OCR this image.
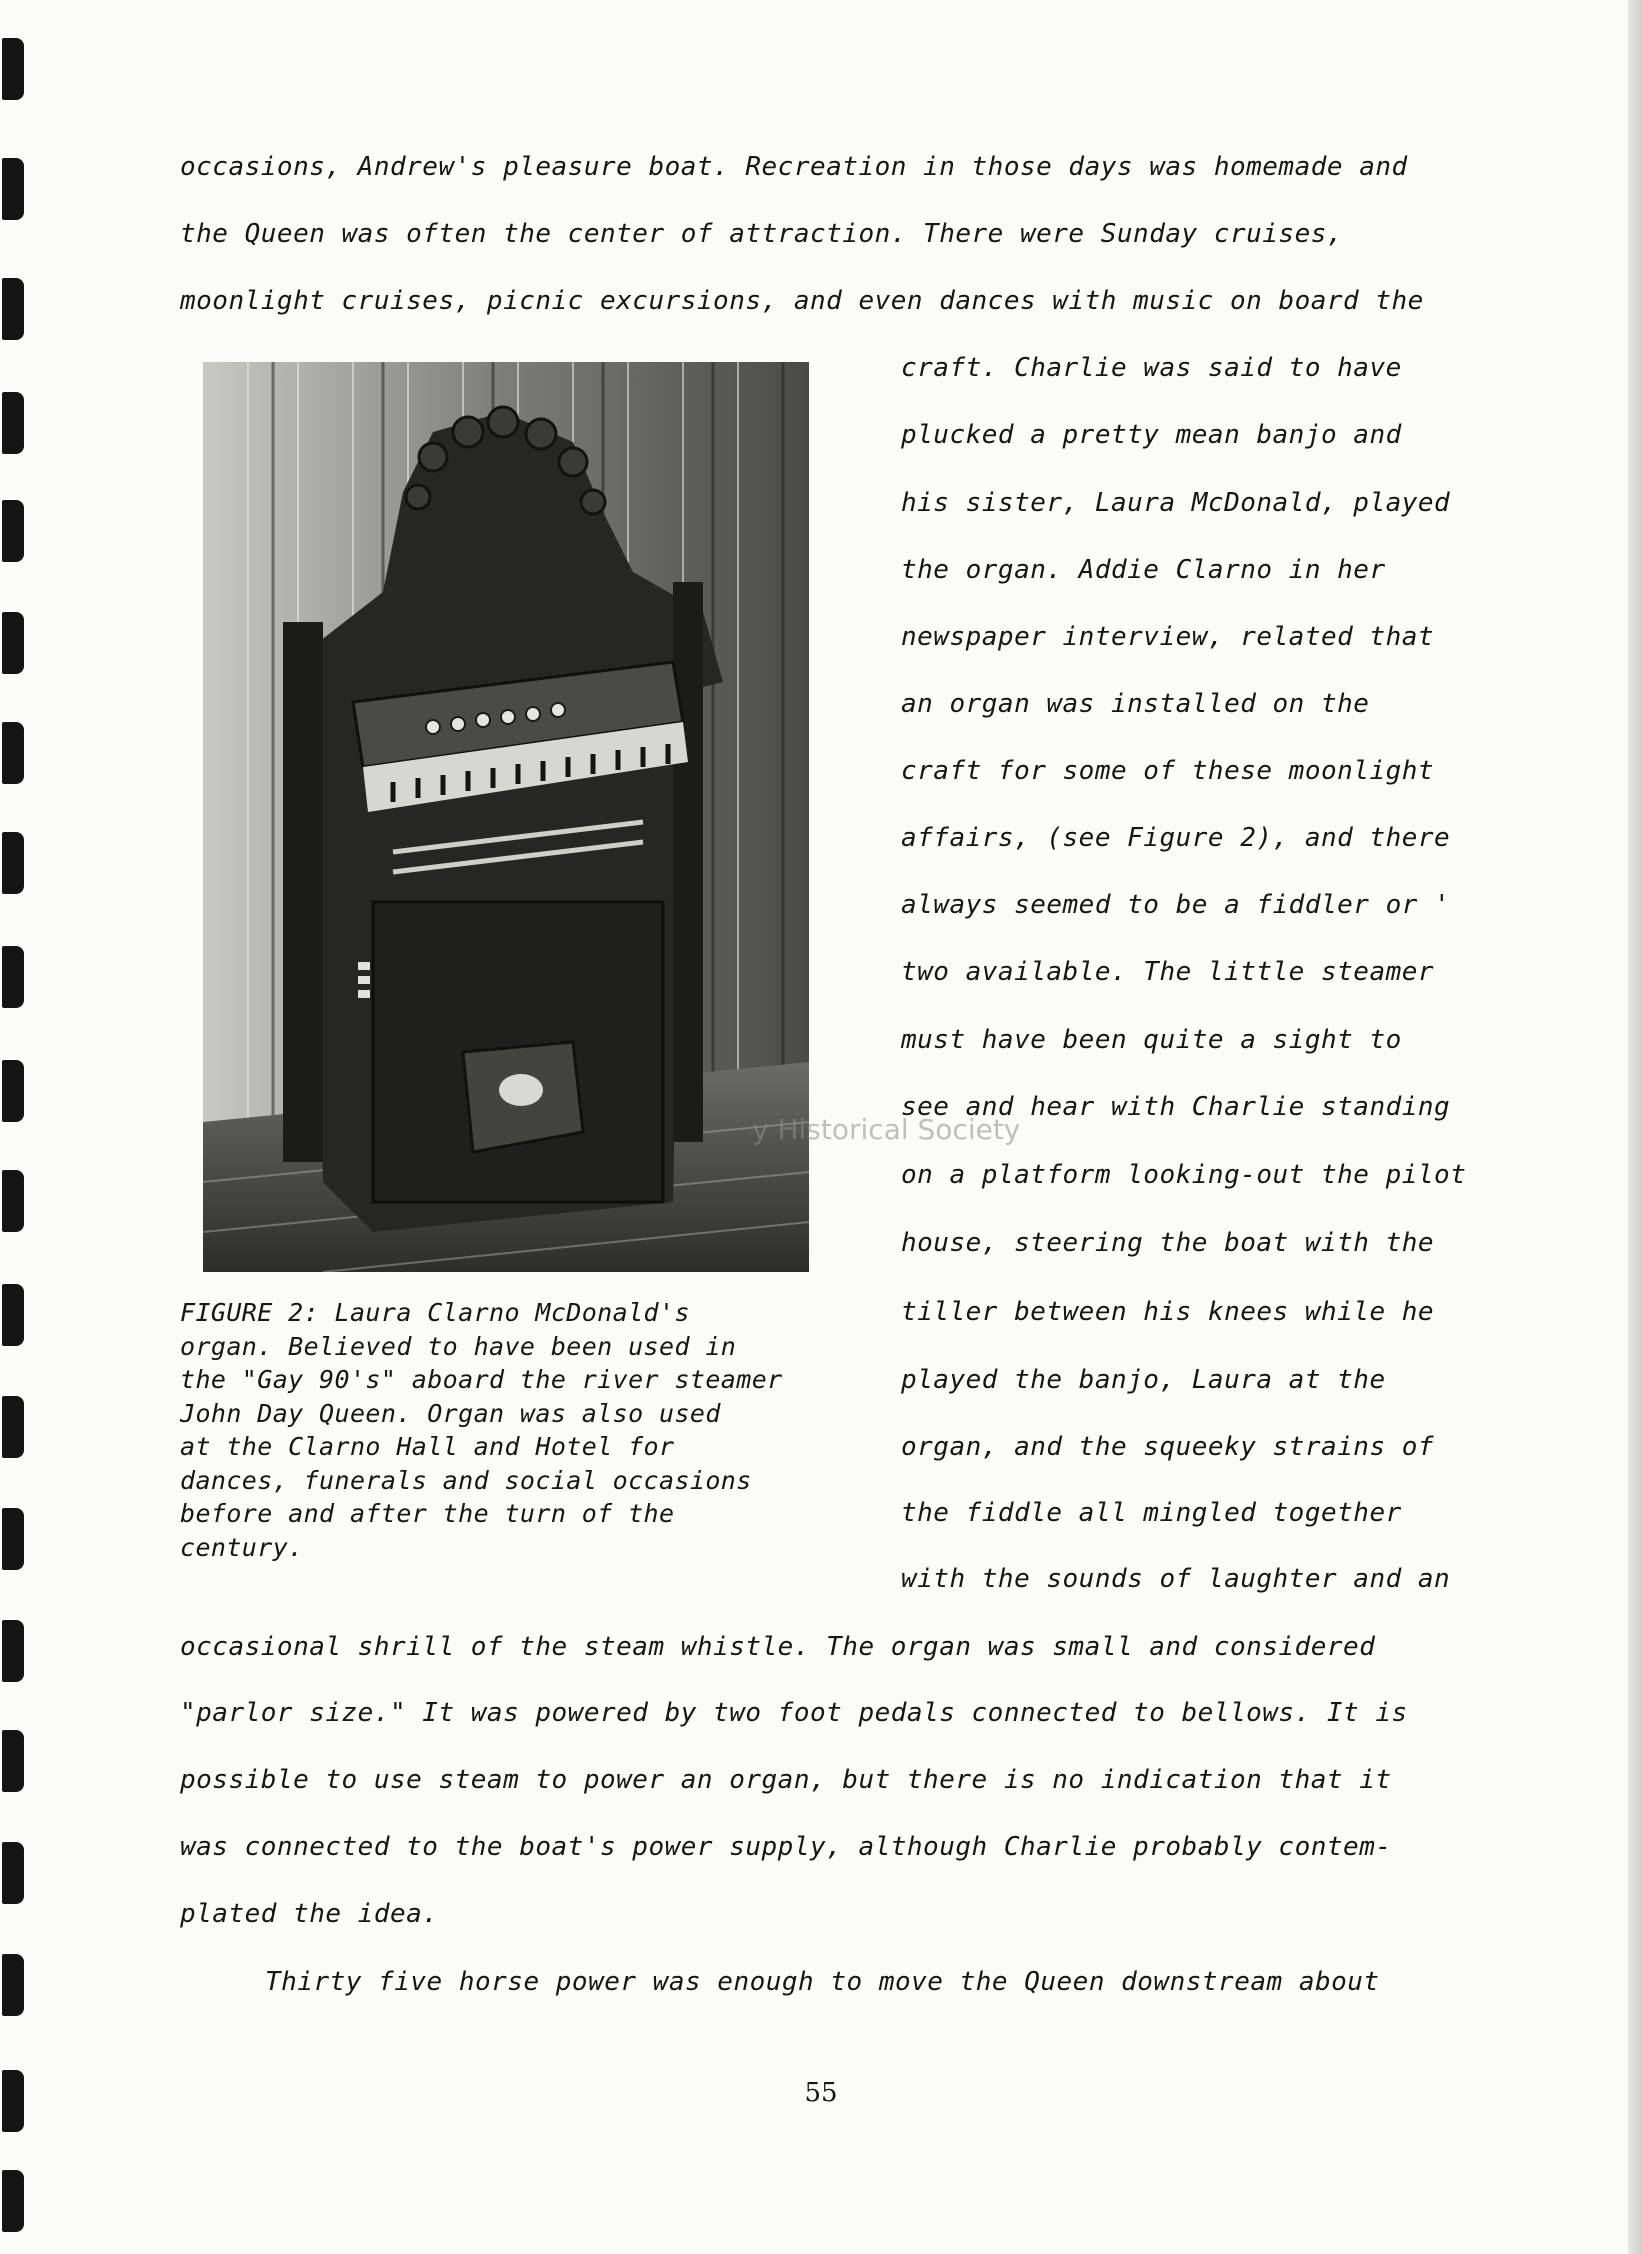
occasions, Andrew's pleasure boat. Recreation in those days was homemade and
the Queen was often the center of attraction. There were Sunday cruises,
moonlight cruises, picnic excursions, and even dances with music on board the
craft. Charlie was said to have
plucked a pretty mean banjo and
his sister, Laura McDonald, played
the organ. Addie Clarno in her
newspaper interview, related that
an organ was installed on the
craft for some of these moonlight
affairs, (see Figure 2), and there
always seemed to be a fiddler or '
two available. The little steamer
must have been quite a sight to
see and hear with Charlie standing
on a platform looking-out the pilot
house, steering the boat with the
tiller between his knees while he
played the banjo, Laura at the
organ, and the squeeky strains of
the fiddle all mingled together
with the sounds of laughter and an
occasional shrill of the steam whistle. The organ was small and considered
"parlor size." It was powered by two foot pedals connected to bellows. It is
possible to use steam to power an organ, but there is no indication that it
was connected to the boat's power supply, although Charlie probably contem-
plated the idea.
Thirty five horse power was enough to move the Queen downstream about
FIGURE 2: Laura Clarno McDonald's
organ. Believed to have been used in
the "Gay 90's" aboard the river steamer
John Day Queen. Organ was also used
at the Clarno Hall and Hotel for
dances, funerals and social occasions
before and after the turn of the
century.
y Historical Society
55
